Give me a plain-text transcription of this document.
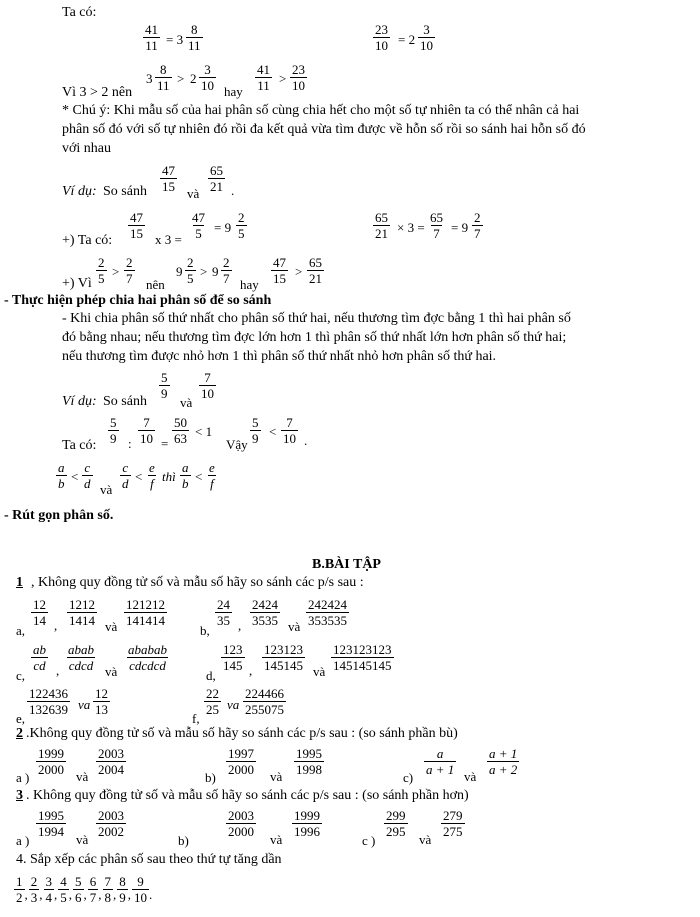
Ta có:
41
11 = 3
8
11
23
10 = 2
3
10
Vì 3 > 2 nên
3
8
11 > 2
3
10 hay
41
11 >
23
10
* Chú ý: Khi mẫu số của hai phân số cùng chia hết cho một số tự nhiên ta có thể nhân cả hai
phân số đó với số tự nhiên đó rồi đa kết quả vừa tìm được về hỗn số rồi so sánh hai hỗn số đó
với nhau
Ví dụ: So sánh
47
15 và
65
21 .
+) Ta có:
47
15 x 3 =
47
5 = 9
2
5
65
21 × 3 =
65
7 = 9
2
7
+) Vì
2
5 >
2
7 nên
9
2
5 > 9
2
7 hay
47
15 >
65
21
- Thực hiện phép chia hai phân số để so sánh
- Khi chia phân số thứ nhất cho phân số thứ hai, nếu thương tìm đợc bằng 1 thì hai phân số
đó bằng nhau; nếu thương tìm đợc lớn hơn 1 thì phân số thứ nhất lớn hơn phân số thứ hai;
nếu thương tìm được nhỏ hơn 1 thì phân số thứ nhất nhỏ hơn phân số thứ hai.
Ví dụ: So sánh
5
9
và
7
10
Ta có:
5
9 :
7
10 =
50
63 < 1
Vậy
5
9 <
7
10 .
a
b <
c
d và
c
d <
e
f thì
a
b <
e
f
- Rút gọn phân số.
B.BÀI TẬP
1 , Không quy đồng tử số và mẫu số hãy so sánh các p/s sau :
a,
12
14 ,
1212
1414 và
121212
141414
b,
24
35 ,
2424
3535 và
242424
353535
c,
ab
cd ,
abab
cdcd và
ababab
cdcdcd
d,
123
145 ,
123123
145145 và
123123123
145145145
e,
122436
132639 va
12
13
f,
22
25 va
224466
255075
2 .Không quy đồng tử số và mẫu số hãy so sánh các p/s sau : (so sánh phần bù)
a )
1999
2000 và
2003
2004
b)
1997
2000 và
1995
1998
c)
a
a + 1 và
a + 1
a + 2
3 . Không quy đồng tử số và mẫu số hãy so sánh các p/s sau : (so sánh phần hơn)
a )
1995
1994
và
2003
2002
b)
2003
2000
và
1999
1996
c )
299
295
và
279
275
4. Sắp xếp các phân số sau theo thứ tự tăng dần
1
2 ,
2
3 ,
3
4 ,
4
5 ,
5
6 ,
6
7 ,
7
8 ,
8
9 ,
9
10 .
